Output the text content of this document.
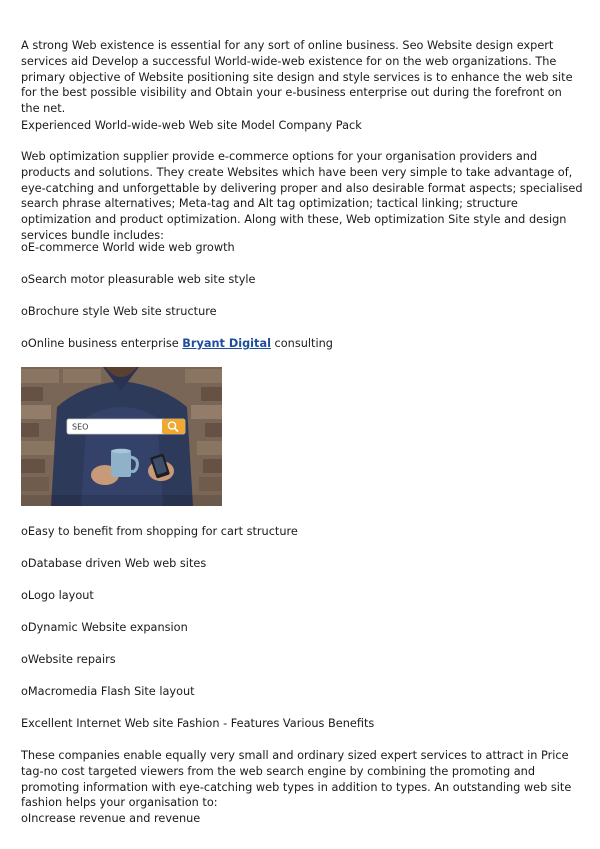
A strong Web existence is essential for any sort of online business. Seo Website design expert services aid Develop a successful World-wide-web existence for on the web organizations. The primary objective of Website positioning site design and style services is to enhance the web site for the best possible visibility and Obtain your e-business enterprise out during the forefront on the net.

Experienced World-wide-web Web site Model Company Pack

Web optimization supplier provide e-commerce options for your organisation providers and products and solutions. They create Websites which have been very simple to take advantage of, eye-catching and unforgettable by delivering proper and also desirable format aspects; specialised search phrase alternatives; Meta-tag and Alt tag optimization; tactical linking; structure optimization and product optimization. Along with these, Web optimization Site style and design services bundle includes:

oE-commerce World wide web growth

oSearch motor pleasurable web site style

oBrochure style Web site structure

oOnline business enterprise Bryant Digital consulting

SEO

oEasy to benefit from shopping for cart structure

oDatabase driven Web web sites

oLogo layout

oDynamic Website expansion

oWebsite repairs

oMacromedia Flash Site layout

Excellent Internet Web site Fashion - Features Various Benefits

These companies enable equally very small and ordinary sized expert services to attract in Price tag-no cost targeted viewers from the web search engine by combining the promoting and promoting information with eye-catching web types in addition to types. An outstanding web site fashion helps your organisation to:

oIncrease revenue and revenue
